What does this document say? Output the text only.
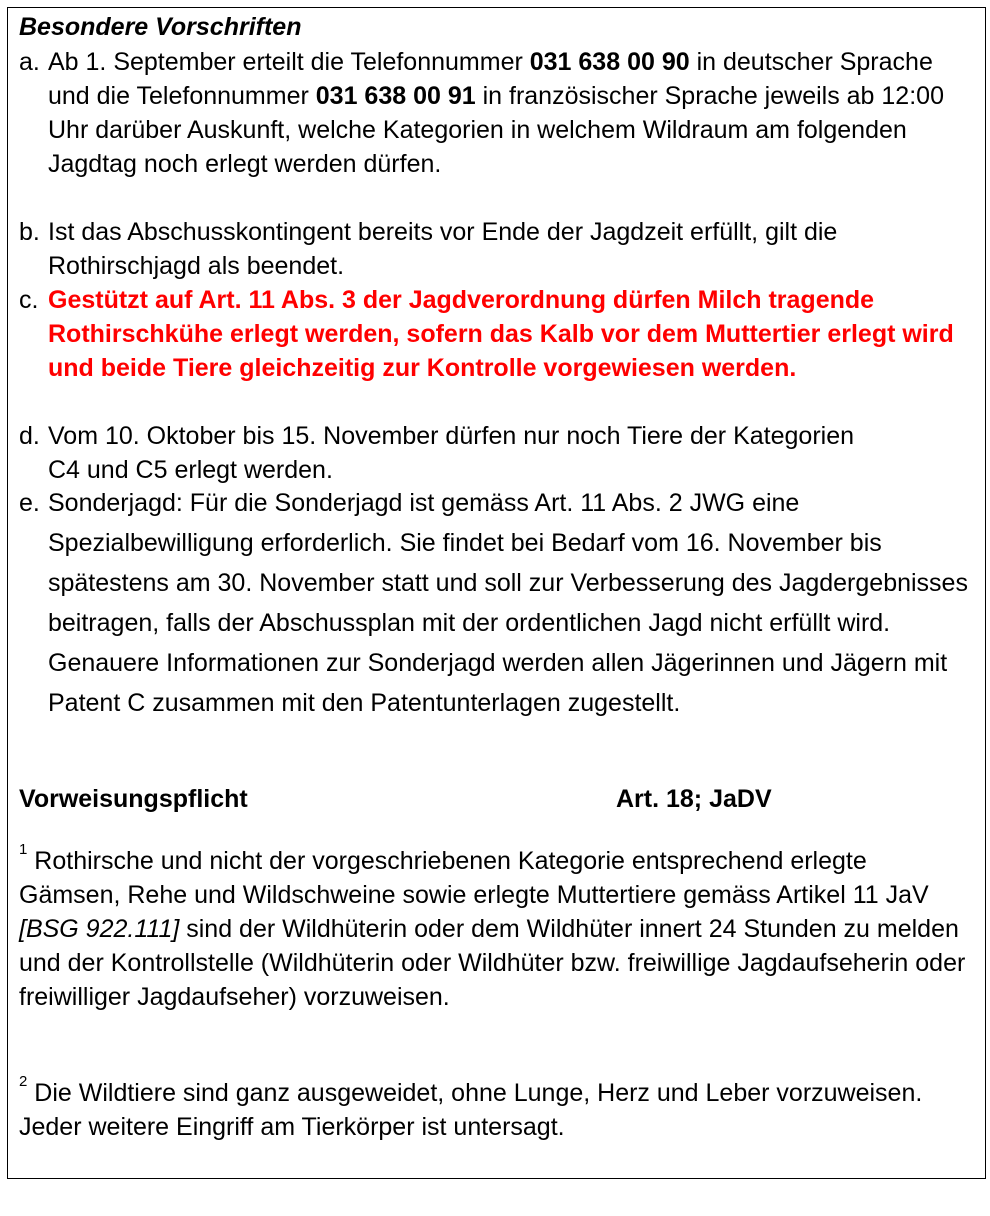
Besondere Vorschriften
a. Ab 1. September erteilt die Telefonnummer 031 638 00 90 in deutscher Sprache und die Telefonnummer 031 638 00 91 in französischer Sprache jeweils ab 12:00 Uhr darüber Auskunft, welche Kategorien in welchem Wildraum am folgenden Jagdtag noch erlegt werden dürfen.
b. Ist das Abschusskontingent bereits vor Ende der Jagdzeit erfüllt, gilt die Rothirschjagd als beendet.
c. Gestützt auf Art. 11 Abs. 3 der Jagdverordnung dürfen Milch tragende Rothirschkühe erlegt werden, sofern das Kalb vor dem Muttertier erlegt wird und beide Tiere gleichzeitig zur Kontrolle vorgewiesen werden.
d. Vom 10. Oktober bis 15. November dürfen nur noch Tiere der Kategorien C4 und C5 erlegt werden.
e. Sonderjagd: Für die Sonderjagd ist gemäss Art. 11 Abs. 2 JWG eine Spezialbewilligung erforderlich. Sie findet bei Bedarf vom 16. November bis spätestens am 30. November statt und soll zur Verbesserung des Jagdergebnisses beitragen, falls der Abschussplan mit der ordentlichen Jagd nicht erfüllt wird. Genauere Informationen zur Sonderjagd werden allen Jägerinnen und Jägern mit Patent C zusammen mit den Patentunterlagen zugestellt.
Vorweisungspflicht	Art. 18; JaDV
$^1$ Rothirsche und nicht der vorgeschriebenen Kategorie entsprechend erlegte Gämsen, Rehe und Wildschweine sowie erlegte Muttertiere gemäss Artikel 11 JaV [BSG 922.111] sind der Wildhüterin oder dem Wildhüter innert 24 Stunden zu melden und der Kontrollstelle (Wildhüterin oder Wildhüter bzw. freiwillige Jagdaufseherin oder freiwilliger Jagdaufseher) vorzuweisen.
$^2$ Die Wildtiere sind ganz ausgeweidet, ohne Lunge, Herz und Leber vorzuweisen. Jeder weitere Eingriff am Tierkörper ist untersagt.
